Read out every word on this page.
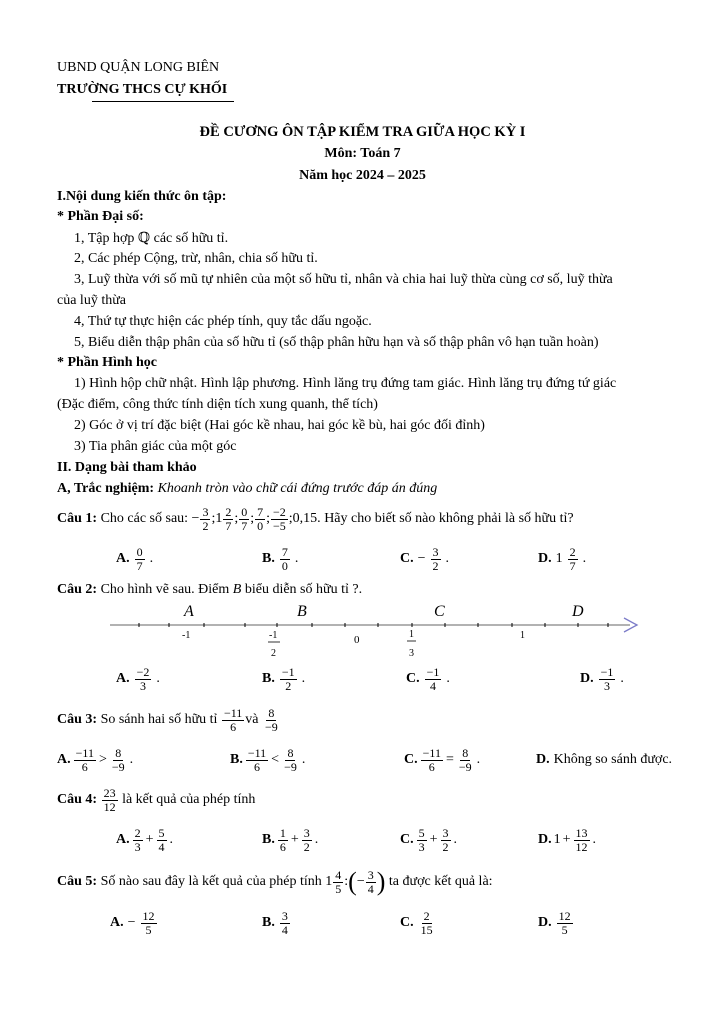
UBND QUẬN LONG BIÊN
TRƯỜNG THCS CỰ KHỐI
ĐỀ CƯƠNG ÔN TẬP KIỂM TRA GIỮA HỌC KỲ I
Môn: Toán 7
Năm học 2024 – 2025
I.Nội dung kiến thức ôn tập:
* Phần Đại số:
1, Tập hợp ℚ các số hữu tỉ.
2, Các phép Cộng, trừ, nhân, chia số hữu tỉ.
3, Luỹ thừa với số mũ tự nhiên của một số hữu tỉ, nhân và chia hai luỹ thừa cùng cơ số, luỹ thừa
của luỹ thừa
4, Thứ tự thực hiện các phép tính, quy tắc dấu ngoặc.
5, Biểu diễn thập phân của số hữu tỉ (số thập phân hữu hạn và số thập phân vô hạn tuần hoàn)
* Phần Hình học
1) Hình hộp chữ nhật. Hình lập phương. Hình lăng trụ đứng tam giác. Hình lăng trụ đứng tứ giác
(Đặc điểm, công thức tính diện tích xung quanh, thể tích)
2) Góc ở vị trí đặc biệt (Hai góc kề nhau, hai góc kề bù, hai góc đối đỉnh)
3) Tia phân giác của một góc
II. Dạng bài tham khảo
A, Trắc nghiệm: Khoanh tròn vào chữ cái đứng trước đáp án đúng
Câu 1:
Cho các số sau:
− $\frac{3}{2}$ ; $1 \frac{2}{7}$ ; $\frac{0}{7}$ ; $\frac{7}{0}$ ; $\frac{-2}{-5}$ ;0,15.
Hãy cho biết số nào không phải là số hữu tỉ?
A. $\frac{0}{7}$ .	B. $\frac{7}{0}$ .	C. − $\frac{3}{2}$ .	D. $1 \frac{2}{7}$ .
Câu 2: Cho hình vẽ sau. Điểm B biểu diễn số hữu tỉ ?.
A	B	C	D
-1	-1
2
0	1
3
1
A. $\frac{-2}{3}$ .	B. $\frac{-1}{2}$ .	C. $\frac{-1}{4}$ .	D. $\frac{-1}{3}$ .
Câu 3:
So sánh hai số hữu tỉ
$\frac{-11}{6}$ và
$\frac{8}{-9}$
A. $\frac{-11}{6} > \frac{8}{-9}$ .	B. $\frac{-11}{6} < \frac{8}{-9}$ .	C. $\frac{-11}{6} = \frac{8}{-9}$ .	D. Không so sánh được.
Câu 4:
$\frac{23}{12}$
là kết quả của phép tính
A. $\frac{2}{3} + \frac{5}{4}$ .	B. $\frac{1}{6} + \frac{3}{2}$ .	C. $\frac{5}{3} + \frac{3}{2}$ .	D. $1 + \frac{13}{12}$ .
Câu 5:
Số nào sau đây là kết quả của phép tính
$1 \frac{4}{5}$ : ( − $\frac{3}{4}$ )
ta được kết quả là:
A. − $\frac{12}{5}$	B. $\frac{3}{4}$	C. $\frac{2}{15}$	D. $\frac{12}{5}$
